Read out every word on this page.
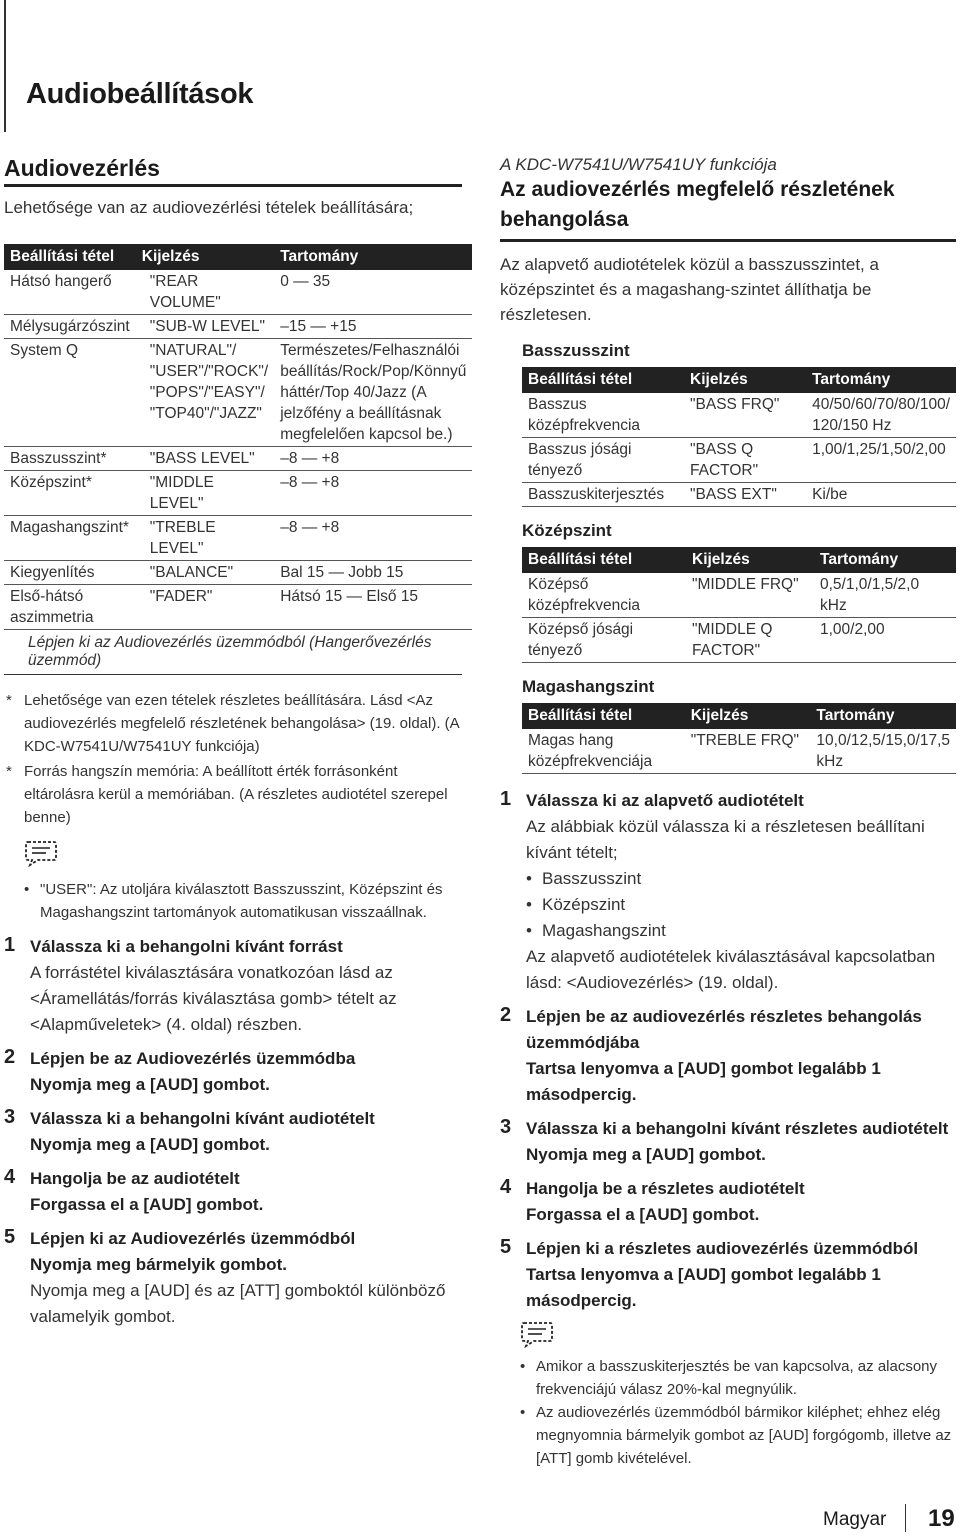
Audiobeállítások
Audiovezérlés
Lehetősége van az audiovezérlési tételek beállítására;
Beállítási tétel	Kijelzés	Tartomány
Hátsó hangerő	"REAR VOLUME"	0 — 35
Mélysugárzószint	"SUB-W LEVEL"	–15 — +15
System Q	"NATURAL"/ "USER"/"ROCK"/ "POPS"/"EASY"/ "TOP40"/"JAZZ"	Természetes/Felhasználói beállítás/Rock/Pop/Könnyű háttér/Top 40/Jazz (A jelzőfény a beállításnak megfelelően kapcsol be.)
Basszusszint*	"BASS LEVEL"	–8 — +8
Középszint*	"MIDDLE LEVEL"	–8 — +8
Magashangszint*	"TREBLE LEVEL"	–8 — +8
Kiegyenlítés	"BALANCE"	Bal 15 — Jobb 15
Első-hátsó aszimmetria	"FADER"	Hátsó 15 — Első 15
Lépjen ki az Audiovezérlés üzemmódból (Hangerővezérlés üzemmód)
* Lehetősége van ezen tételek részletes beállítására. Lásd <Az audiovezérlés megfelelő részletének behangolása> (19. oldal). (A KDC-W7541U/W7541UY funkciója)
* Forrás hangszín memória: A beállított érték forrásonként eltárolásra kerül a memóriában. (A részletes audiotétel szerepel benne)
• "USER": Az utoljára kiválasztott Basszusszint, Középszint és Magashangszint tartományok automatikusan visszaállnak.
1 Válassza ki a behangolni kívánt forrást
A forrástétel kiválasztására vonatkozóan lásd az <Áramellátás/forrás kiválasztása gomb> tételt az <Alapműveletek> (4. oldal) részben.
2 Lépjen be az Audiovezérlés üzemmódba
Nyomja meg a [AUD] gombot.
3 Válassza ki a behangolni kívánt audiotételt
Nyomja meg a [AUD] gombot.
4 Hangolja be az audiotételt
Forgassa el a [AUD] gombot.
5 Lépjen ki az Audiovezérlés üzemmódból
Nyomja meg bármelyik gombot.
Nyomja meg a [AUD] és az [ATT] gomboktól különböző valamelyik gombot.
A KDC-W7541U/W7541UY funkciója
Az audiovezérlés megfelelő részletének behangolása
Az alapvető audiotételek közül a basszusszintet, a középszintet és a magashang-szintet állíthatja be részletesen.
Basszusszint
Beállítási tétel	Kijelzés	Tartomány
Basszus középfrekvencia	"BASS FRQ"	40/50/60/70/80/100/ 120/150 Hz
Basszus jósági tényező	"BASS Q FACTOR"	1,00/1,25/1,50/2,00
Basszuskiterjesztés	"BASS EXT"	Ki/be
Középszint
Beállítási tétel	Kijelzés	Tartomány
Középső középfrekvencia	"MIDDLE FRQ"	0,5/1,0/1,5/2,0 kHz
Középső jósági tényező	"MIDDLE Q FACTOR"	1,00/2,00
Magashangszint
Beállítási tétel	Kijelzés	Tartomány
Magas hang középfrekvenciája	"TREBLE FRQ"	10,0/12,5/15,0/17,5 kHz
1 Válassza ki az alapvető audiotételt
Az alábbiak közül válassza ki a részletesen beállítani kívánt tételt;
• Basszusszint
• Középszint
• Magashangszint
Az alapvető audiotételek kiválasztásával kapcsolatban lásd: <Audiovezérlés> (19. oldal).
2 Lépjen be az audiovezérlés részletes behangolás üzemmódjába
Tartsa lenyomva a [AUD] gombot legalább 1 másodpercig.
3 Válassza ki a behangolni kívánt részletes audiotételt
Nyomja meg a [AUD] gombot.
4 Hangolja be a részletes audiotételt
Forgassa el a [AUD] gombot.
5 Lépjen ki a részletes audiovezérlés üzemmódból
Tartsa lenyomva a [AUD] gombot legalább 1 másodpercig.
• Amikor a basszuskiterjesztés be van kapcsolva, az alacsony frekvenciájú válasz 20%-kal megnyúlik.
• Az audiovezérlés üzemmódból bármikor kiléphet; ehhez elég megnyomnia bármelyik gombot az [AUD] forgógomb, illetve az [ATT] gomb kivételével.
Magyar 19
